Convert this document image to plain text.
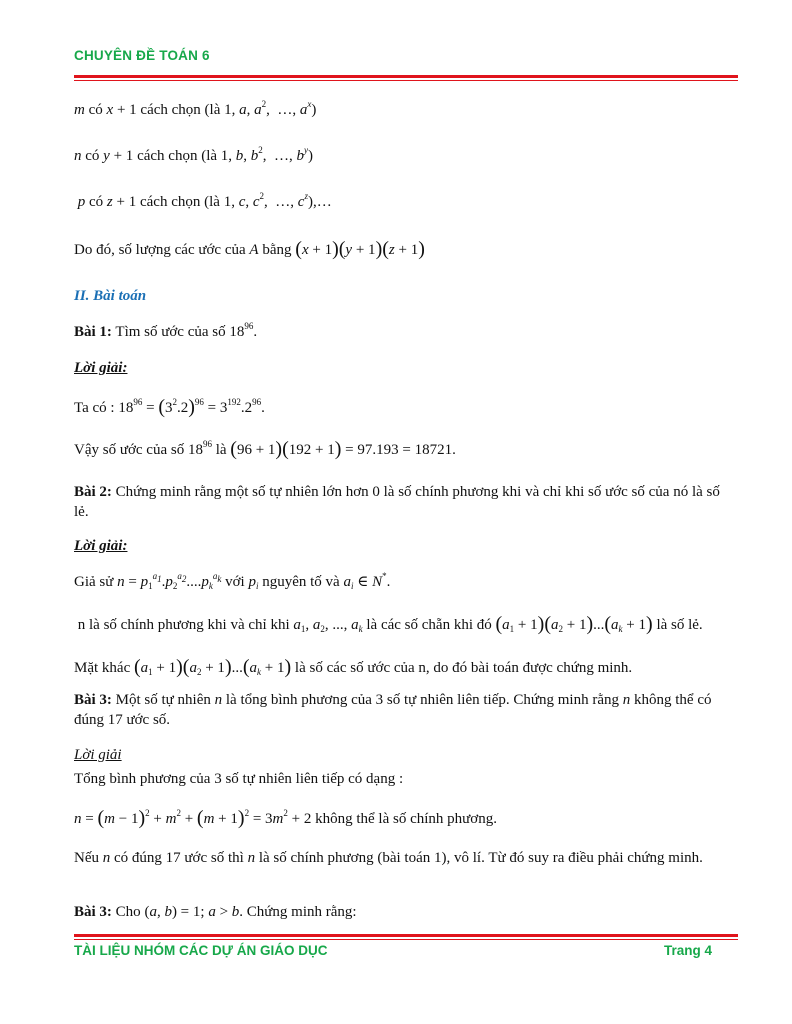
CHUYÊN ĐỀ TOÁN 6
m có x + 1 cách chọn (là 1, a, $a^2$,  …, $a^x$)
n có y + 1 cách chọn (là 1, b, $b^2$,  …, $b^y$)
p có z + 1 cách chọn (là 1, c, $c^2$,  …, $c^z),\dots$
Do đó, số lượng các ước của A bằng (x + 1)(y + 1)(z + 1)
II. Bài toán
Bài 1: Tìm số ước của số $18^{96}$.
Lời giải:
Ta có : $18^{96} = (3^2.2)^{96} = 3^{192}.2^{96}$.
Vậy số ước của số $18^{96}$ là (96 + 1)(192 + 1) = 97.193 = 18721.
Bài 2: Chứng minh rằng một số tự nhiên lớn hơn 0 là số chính phương khi và chỉ khi số ước số của nó là số lẻ.
Lời giải:
Giả sử $n = p_1^{a_1}.p_2^{a_2}....p_k^{a_k}$ với $p_i$ nguyên tố và $a_i$ ∈ N*.
n là số chính phương khi và chỉ khi $a_1$, $a_2$, ..., $a_k$ là các số chẵn khi đó $(a_1 + 1)(a_2 + 1)...(a_k + 1)$ là số lẻ.
Mặt khác $(a_1 + 1)(a_2 + 1)...(a_k + 1)$ là số các số ước của n, do đó bài toán được chứng minh.
Bài 3: Một số tự nhiên n là tổng bình phương của 3 số tự nhiên liên tiếp. Chứng minh rằng n không thể có đúng 17 ước số.
Lời giải
Tổng bình phương của 3 số tự nhiên liên tiếp có dạng :
$n = (m - 1)^2 + m^2 + (m + 1)^2 = 3m^2 + 2$ không thể là số chính phương.
Nếu n có đúng 17 ước số thì n là số chính phương (bài toán 1), vô lí. Từ đó suy ra điều phải chứng minh.
Bài 3: Cho (a, b) = 1; a > b. Chứng minh rằng:
TÀI LIỆU NHÓM CÁC DỰ ÁN GIÁO DỤC	Trang 4
